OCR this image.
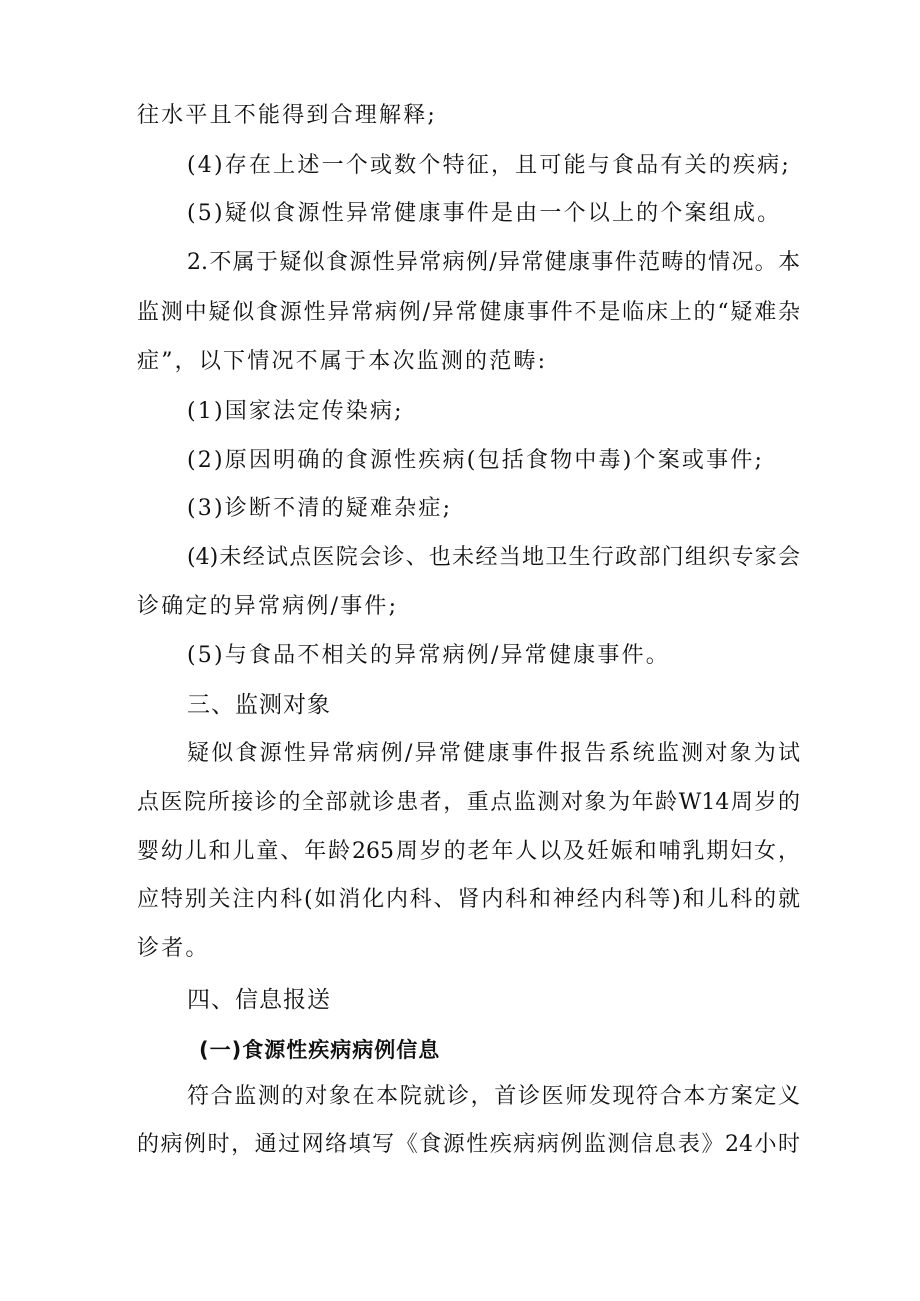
往水平且不能得到合理解释;
(4)存在上述一个或数个特征，且可能与食品有关的疾病;
(5)疑似食源性异常健康事件是由一个以上的个案组成。
2.不属于疑似食源性异常病例/异常健康事件范畴的情况。本
监测中疑似食源性异常病例/异常健康事件不是临床上的“疑难杂
症”，以下情况不属于本次监测的范畴:
(1)国家法定传染病;
(2)原因明确的食源性疾病(包括食物中毒)个案或事件;
(3)诊断不清的疑难杂症;
(4)未经试点医院会诊、也未经当地卫生行政部门组织专家会
诊确定的异常病例/事件;
(5)与食品不相关的异常病例/异常健康事件。
三、监测对象
疑似食源性异常病例/异常健康事件报告系统监测对象为试
点医院所接诊的全部就诊患者，重点监测对象为年龄W14周岁的
婴幼儿和儿童、年龄265周岁的老年人以及妊娠和哺乳期妇女，
应特别关注内科(如消化内科、肾内科和神经内科等)和儿科的就
诊者。
四、信息报送
(一)食源性疾病病例信息
符合监测的对象在本院就诊，首诊医师发现符合本方案定义
的病例时，通过网络填写《食源性疾病病例监测信息表》24小时
